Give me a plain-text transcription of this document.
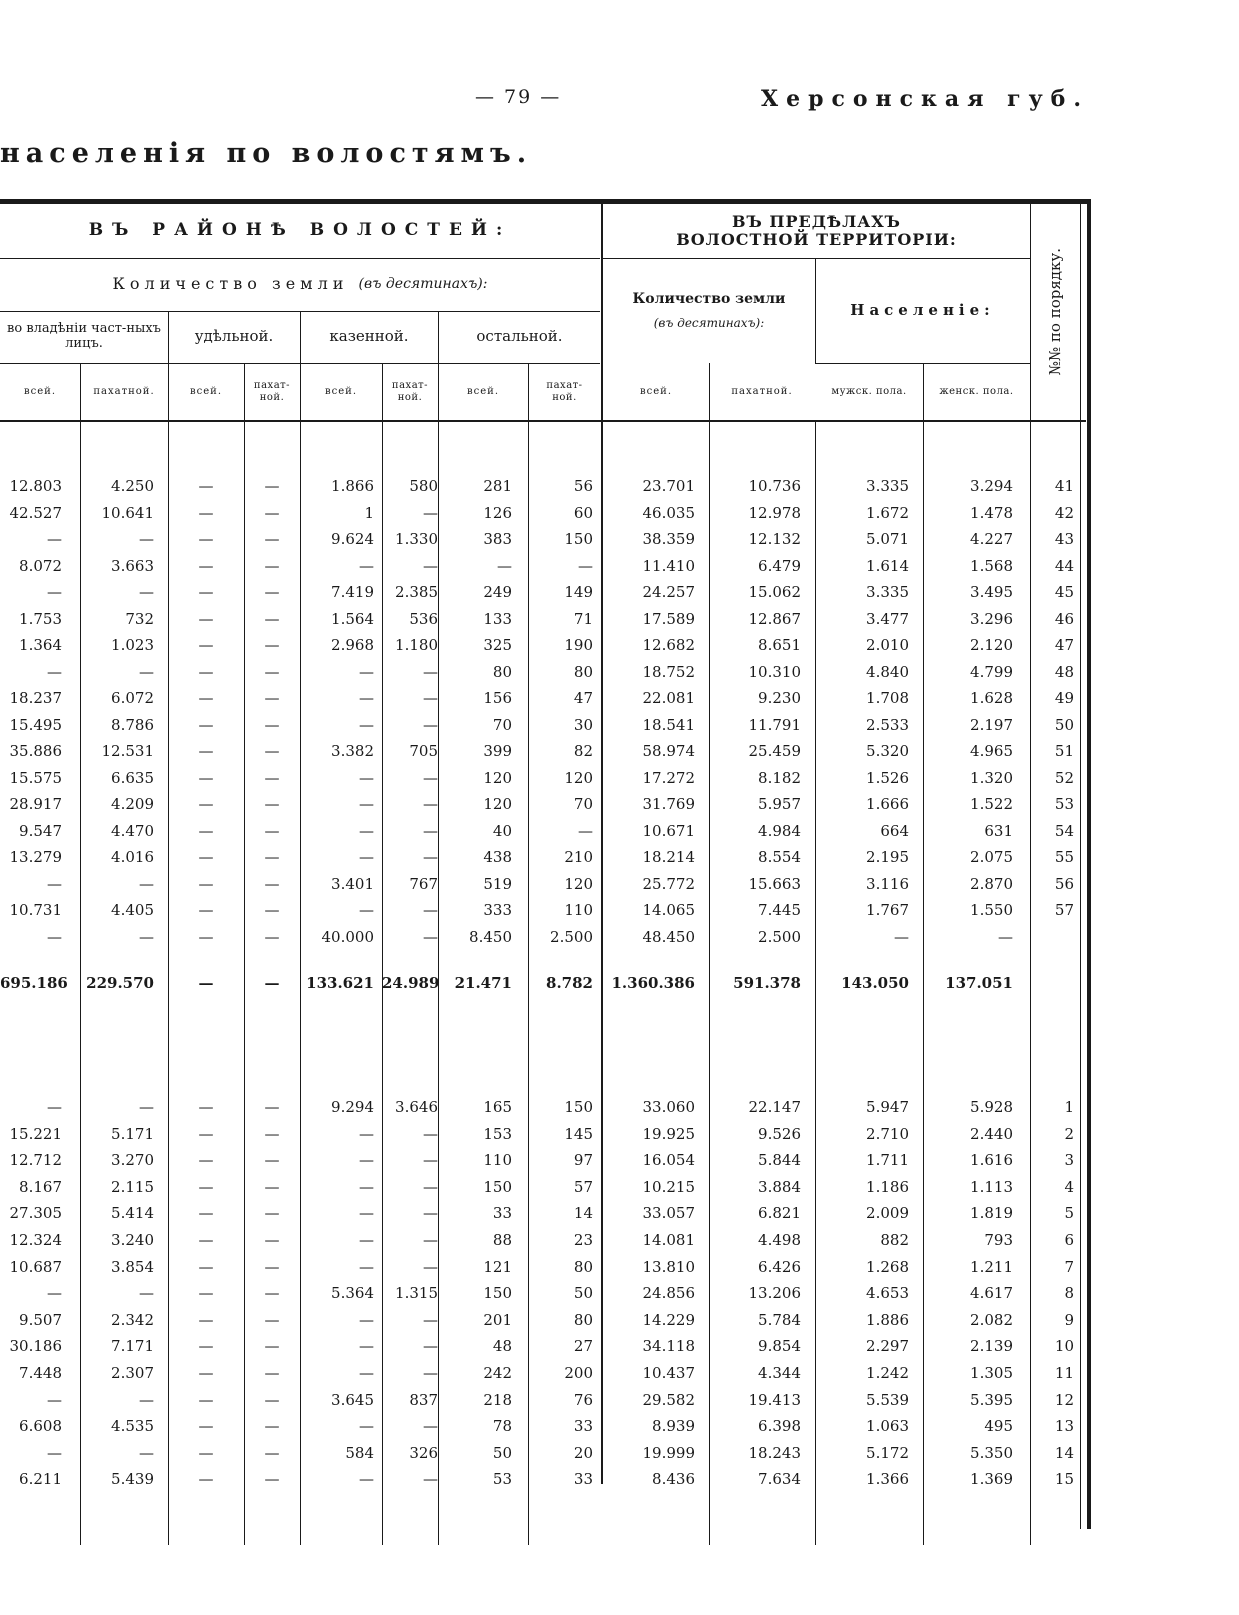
— 79 —	Херсонская губ.
населенія по волостямъ.
ВЪ РАЙОНѢ ВОЛОСТЕЙ:	ВЪ ПРЕДѢЛАХЪ ВОЛОСТНОЙ ТЕРРИТОРІИ:
Количество земли
(въ десятинахъ):
во владѣніи част-ныхъ лицъ.	удѣльной.	казенной.	остальной.
Количество земли
(въ десятинахъ):
Населеніе:
всей.	пахатной.	всей.
пахат-ной.
всей.
пахат-ной.
всей.
пахат-ной.
всей.	пахатной.	мужск. пола.	женск. пола.
№№ по порядку.
12.803	4.250	—	—	1.866	580	281	56	23.701	10.736	3.335	3.294	41
42.527	10.641	—	—	1	—	126	60	46.035	12.978	1.672	1.478	42
—	—	—	—	9.624	1.330	383	150	38.359	12.132	5.071	4.227	43
8.072	3.663	—	—	—	—	—	—	11.410	6.479	1.614	1.568	44
—	—	—	—	7.419	2.385	249	149	24.257	15.062	3.335	3.495	45
1.753	732	—	—	1.564	536	133	71	17.589	12.867	3.477	3.296	46
1.364	1.023	—	—	2.968	1.180	325	190	12.682	8.651	2.010	2.120	47
—	—	—	—	—	—	80	80	18.752	10.310	4.840	4.799	48
18.237	6.072	—	—	—	—	156	47	22.081	9.230	1.708	1.628	49
15.495	8.786	—	—	—	—	70	30	18.541	11.791	2.533	2.197	50
35.886	12.531	—	—	3.382	705	399	82	58.974	25.459	5.320	4.965	51
15.575	6.635	—	—	—	—	120	120	17.272	8.182	1.526	1.320	52
28.917	4.209	—	—	—	—	120	70	31.769	5.957	1.666	1.522	53
9.547	4.470	—	—	—	—	40	—	10.671	4.984	664	631	54
13.279	4.016	—	—	—	—	438	210	18.214	8.554	2.195	2.075	55
—	—	—	—	3.401	767	519	120	25.772	15.663	3.116	2.870	56
10.731	4.405	—	—	—	—	333	110	14.065	7.445	1.767	1.550	57
—	—	—	—	40.000	—	8.450	2.500	48.450	2.500	—	—
695.186	229.570	—	—	133.621 24.989	21.471	8.782	1.360.386	591.378	143.050	137.051
—	—	—	—	9.294	3.646	165	150	33.060	22.147	5.947	5.928	1
15.221	5.171	—	—	—	—	153	145	19.925	9.526	2.710	2.440	2
12.712	3.270	—	—	—	—	110	97	16.054	5.844	1.711	1.616	3
8.167	2.115	—	—	—	—	150	57	10.215	3.884	1.186	1.113	4
27.305	5.414	—	—	—	—	33	14	33.057	6.821	2.009	1.819	5
12.324	3.240	—	—	—	—	88	23	14.081	4.498	882	793	6
10.687	3.854	—	—	—	—	121	80	13.810	6.426	1.268	1.211	7
—	—	—	—	5.364	1.315	150	50	24.856	13.206	4.653	4.617	8
9.507	2.342	—	—	—	—	201	80	14.229	5.784	1.886	2.082	9
30.186	7.171	—	—	—	—	48	27	34.118	9.854	2.297	2.139	10
7.448	2.307	—	—	—	—	242	200	10.437	4.344	1.242	1.305	11
—	—	—	—	3.645	837	218	76	29.582	19.413	5.539	5.395	12
6.608	4.535	—	—	—	—	78	33	8.939	6.398	1.063	495	13
—	—	—	—	584	326	50	20	19.999	18.243	5.172	5.350	14
6.211	5.439	—	—	—	—	53	33	8.436	7.634	1.366	1.369	15
